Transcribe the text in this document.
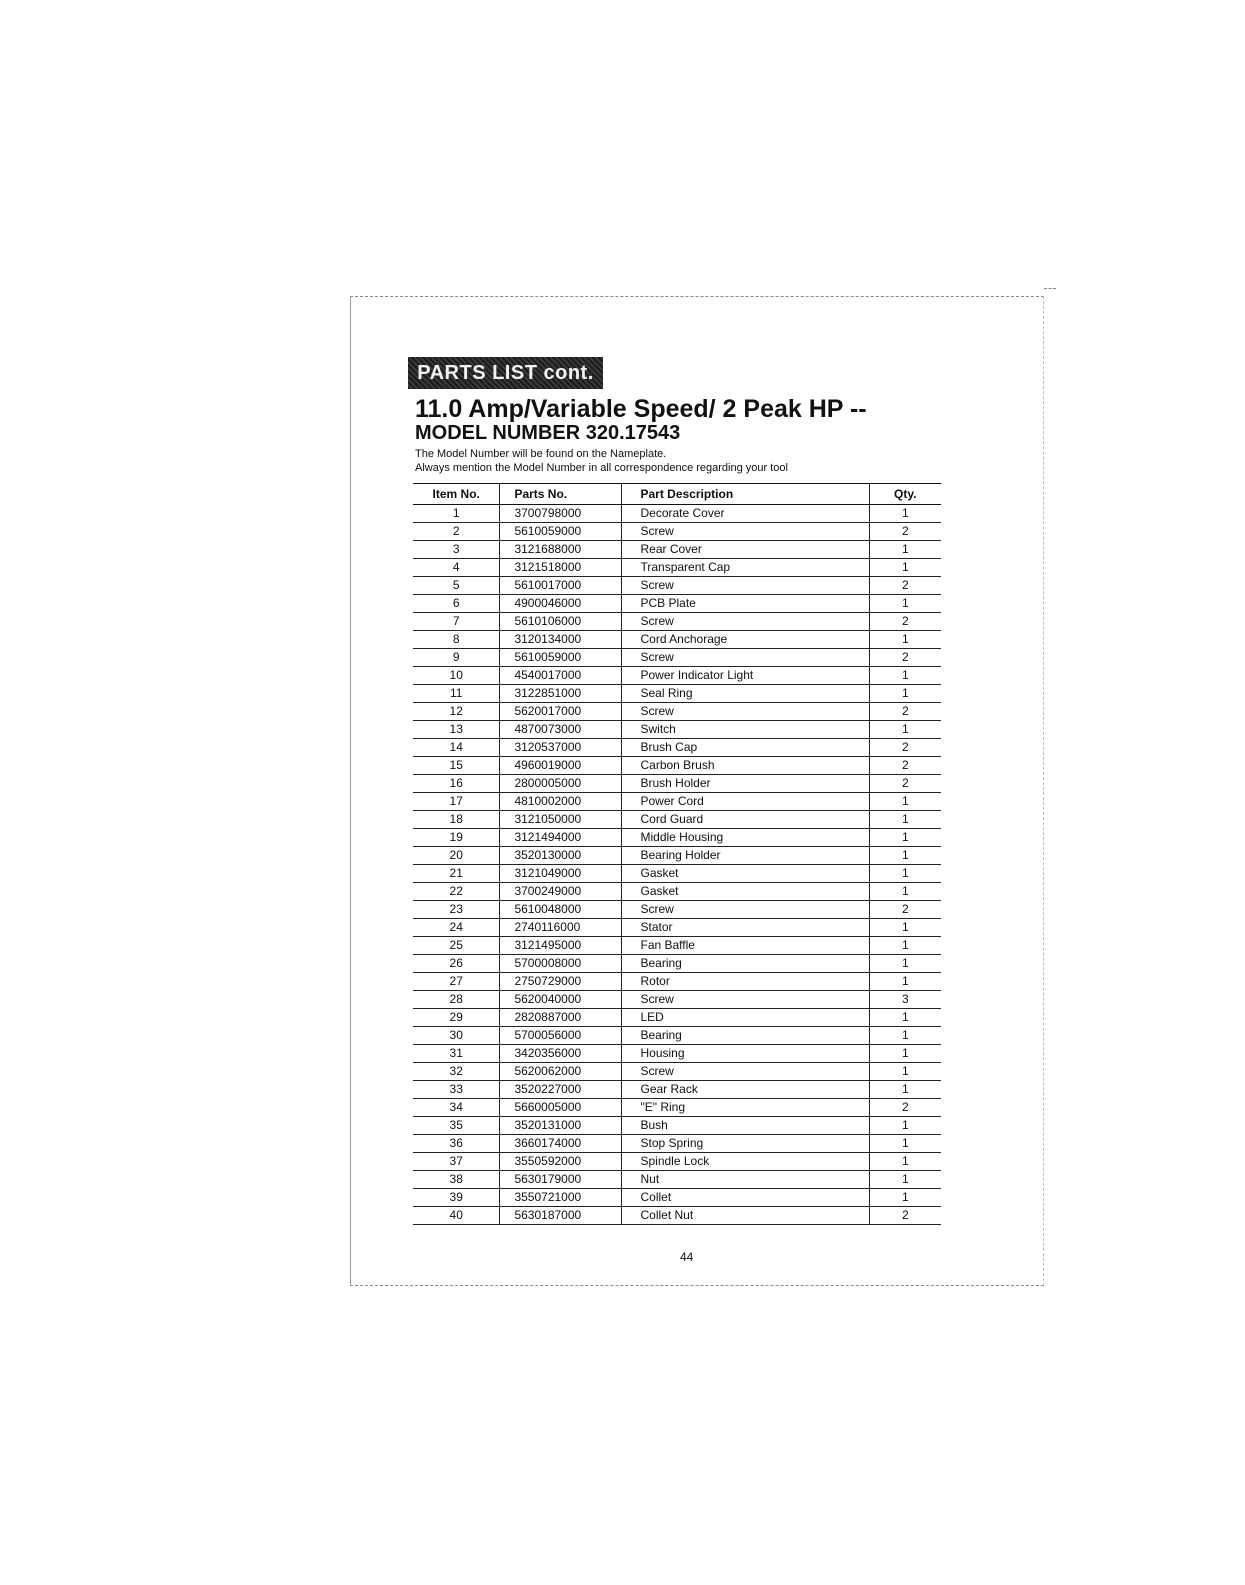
PARTS LIST cont.
11.0 Amp/Variable Speed/ 2 Peak HP --
MODEL NUMBER 320.17543
The Model Number will be found on the Nameplate.
Always mention the Model Number in all correspondence regarding your tool
Item No.	Parts No.	Part Description	Qty.
1	3700798000	Decorate Cover	1
2	5610059000	Screw	2
3	3121688000	Rear Cover	1
4	3121518000	Transparent Cap	1
5	5610017000	Screw	2
6	4900046000	PCB Plate	1
7	5610106000	Screw	2
8	3120134000	Cord Anchorage	1
9	5610059000	Screw	2
10	4540017000	Power Indicator Light	1
11	3122851000	Seal Ring	1
12	5620017000	Screw	2
13	4870073000	Switch	1
14	3120537000	Brush Cap	2
15	4960019000	Carbon Brush	2
16	2800005000	Brush Holder	2
17	4810002000	Power Cord	1
18	3121050000	Cord Guard	1
19	3121494000	Middle Housing	1
20	3520130000	Bearing Holder	1
21	3121049000	Gasket	1
22	3700249000	Gasket	1
23	5610048000	Screw	2
24	2740116000	Stator	1
25	3121495000	Fan Baffle	1
26	5700008000	Bearing	1
27	2750729000	Rotor	1
28	5620040000	Screw	3
29	2820887000	LED	1
30	5700056000	Bearing	1
31	3420356000	Housing	1
32	5620062000	Screw	1
33	3520227000	Gear Rack	1
34	5660005000	"E" Ring	2
35	3520131000	Bush	1
36	3660174000	Stop Spring	1
37	3550592000	Spindle Lock	1
38	5630179000	Nut	1
39	3550721000	Collet	1
40	5630187000	Collet Nut	2
44
